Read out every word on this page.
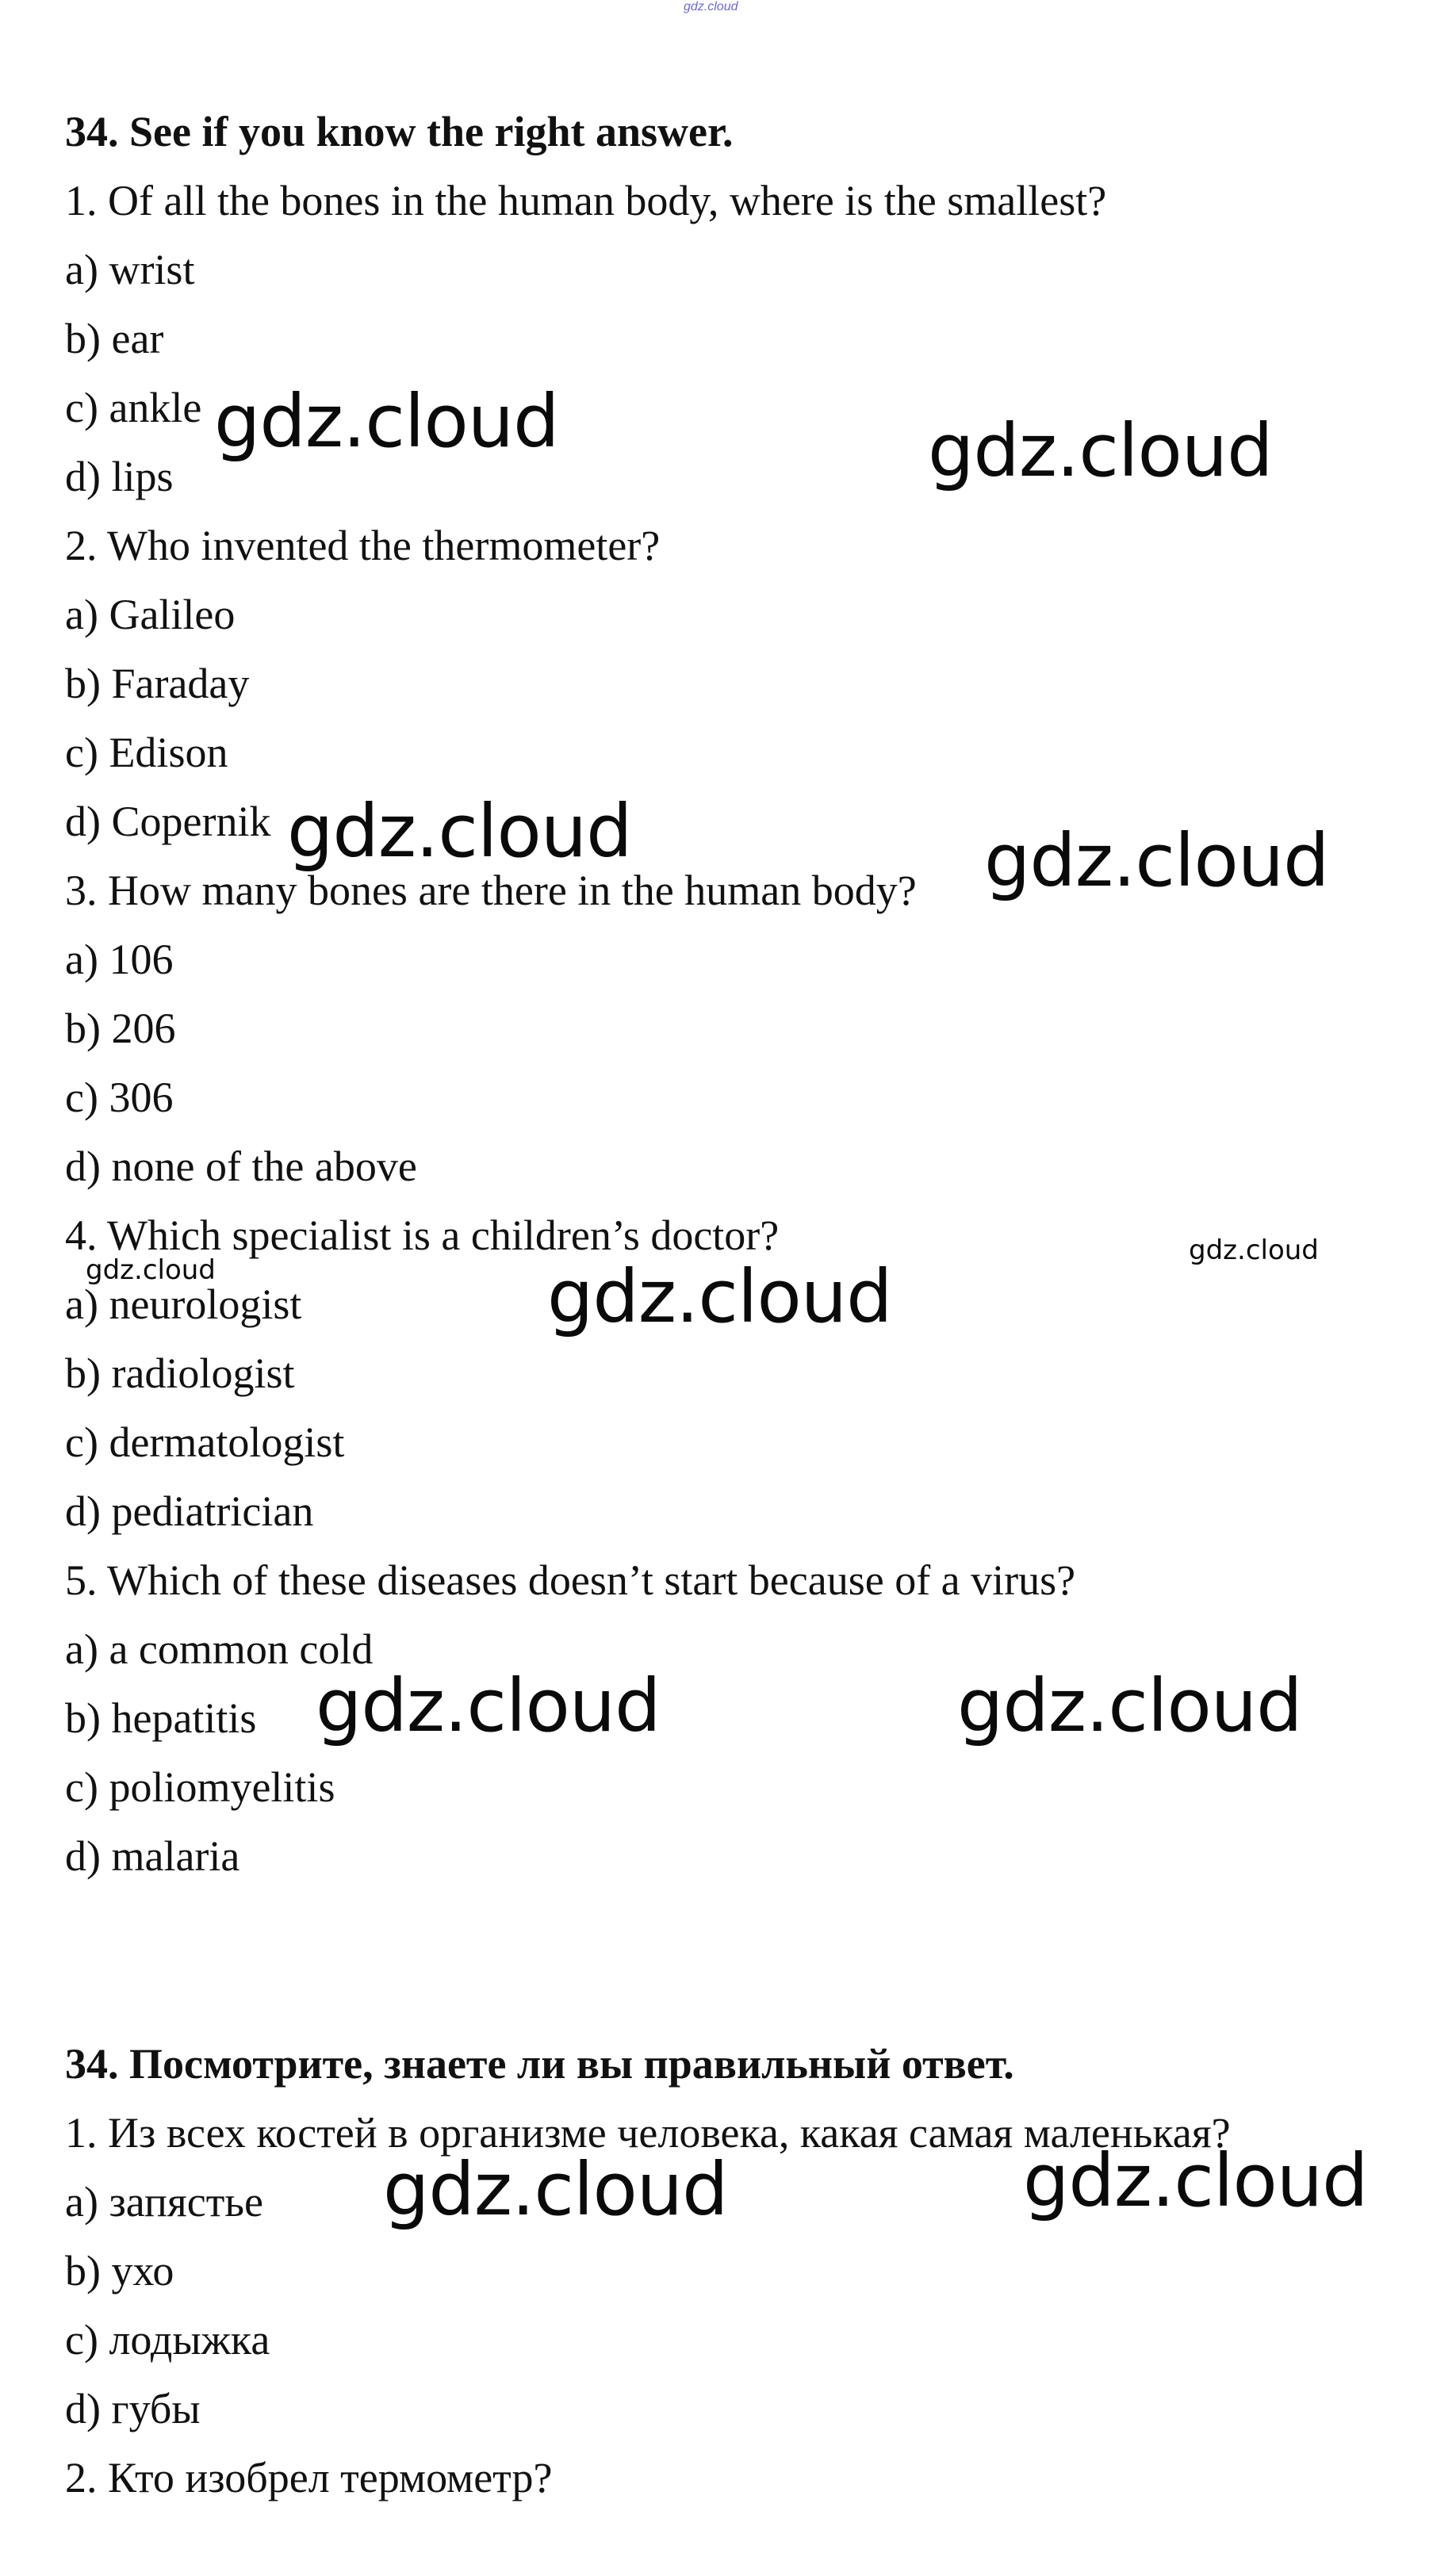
gdz.cloud
34. See if you know the right answer.
1. Of all the bones in the human body, where is the smallest?
a) wrist
b) ear
c) ankle
d) lips
2. Who invented the thermometer?
a) Galileo
b) Faraday
c) Edison
d) Copernik
3. How many bones are there in the human body?
a) 106
b) 206
c) 306
d) none of the above
4. Which specialist is a children’s doctor?
a) neurologist
b) radiologist
c) dermatologist
d) pediatrician
5. Which of these diseases doesn’t start because of a virus?
a) a common cold
b) hepatitis
c) poliomyelitis
d) malaria
34. Посмотрите, знаете ли вы правильный ответ.
1. Из всех костей в организме человека, какая самая маленькая?
a) запястье
b) ухо
c) лодыжка
d) губы
2. Кто изобрел термометр?
gdz.cloud	gdz.cloud
gdz.cloud	gdz.cloud
gdz.cloud	gdz.cloud
gdz.cloud
gdz.cloud	gdz.cloud
gdz.cloud	gdz.cloud
